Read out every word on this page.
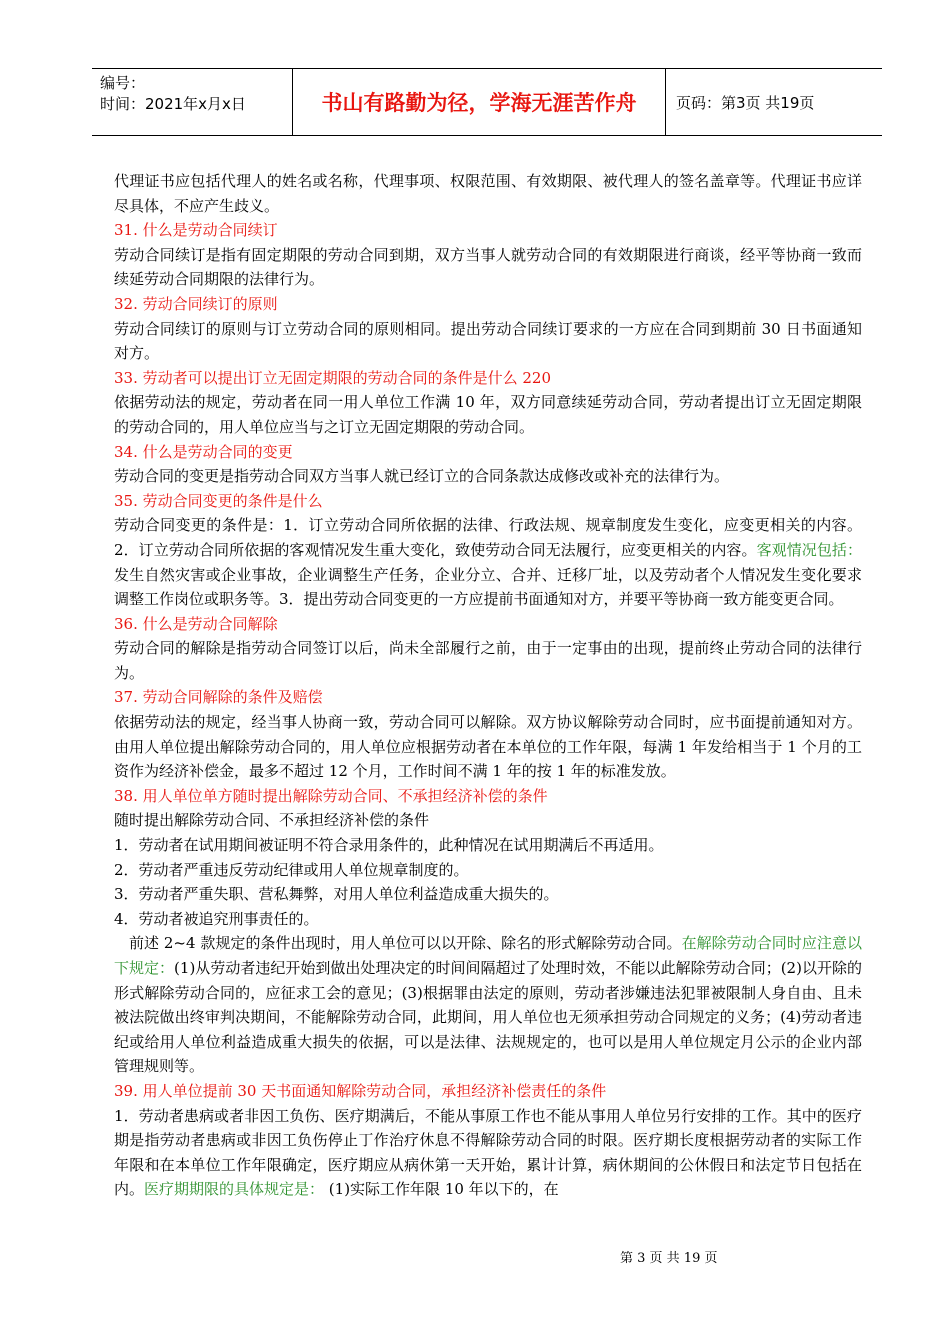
编号：
时间：2021年x月x日	书山有路勤为径，学海无涯苦作舟	页码：第3页 共19页

代理证书应包括代理人的姓名或名称，代理事项、权限范围、有效期限、被代理人的签名盖章等。代理证书应详尽具体，不应产生歧义。

31. 什么是劳动合同续订

劳动合同续订是指有固定期限的劳动合同到期，双方当事人就劳动合同的有效期限进行商谈，经平等协商一致而续延劳动合同期限的法律行为。

32. 劳动合同续订的原则

劳动合同续订的原则与订立劳动合同的原则相同。提出劳动合同续订要求的一方应在合同到期前 30 日书面通知对方。

33. 劳动者可以提出订立无固定期限的劳动合同的条件是什么 220

依据劳动法的规定，劳动者在同一用人单位工作满 10 年，双方同意续延劳动合同，劳动者提出订立无固定期限的劳动合同的，用人单位应当与之订立无固定期限的劳动合同。

34. 什么是劳动合同的变更

劳动合同的变更是指劳动合同双方当事人就已经订立的合同条款达成修改或补充的法律行为。

35. 劳动合同变更的条件是什么

劳动合同变更的条件是：1．订立劳动合同所依据的法律、行政法规、规章制度发生变化，应变更相关的内容。2．订立劳动合同所依据的客观情况发生重大变化，致使劳动合同无法履行，应变更相关的内容。客观情况包括：发生自然灾害或企业事故，企业调整生产任务，企业分立、合并、迁移厂址，以及劳动者个人情况发生变化要求调整工作岗位或职务等。3．提出劳动合同变更的一方应提前书面通知对方，并要平等协商一致方能变更合同。

36. 什么是劳动合同解除

劳动合同的解除是指劳动合同签订以后，尚未全部履行之前，由于一定事由的出现，提前终止劳动合同的法律行为。

37. 劳动合同解除的条件及赔偿

依据劳动法的规定，经当事人协商一致，劳动合同可以解除。双方协议解除劳动合同时，应书面提前通知对方。由用人单位提出解除劳动合同的，用人单位应根据劳动者在本单位的工作年限，每满 1 年发给相当于 1 个月的工资作为经济补偿金，最多不超过 12 个月，工作时间不满 1 年的按 1 年的标准发放。

38. 用人单位单方随时提出解除劳动合同、不承担经济补偿的条件

随时提出解除劳动合同、不承担经济补偿的条件

1．劳动者在试用期间被证明不符合录用条件的，此种情况在试用期满后不再适用。

2．劳动者严重违反劳动纪律或用人单位规章制度的。

3．劳动者严重失职、营私舞弊，对用人单位利益造成重大损失的。

4．劳动者被追究刑事责任的。

前述 2~4 款规定的条件出现时，用人单位可以以开除、除名的形式解除劳动合同。在解除劳动合同时应注意以下规定：(1)从劳动者违纪开始到做出处理决定的时间间隔超过了处理时效，不能以此解除劳动合同；(2)以开除的形式解除劳动合同的，应征求工会的意见；(3)根据罪由法定的原则，劳动者涉嫌违法犯罪被限制人身自由、且未被法院做出终审判决期间，不能解除劳动合同，此期间，用人单位也无须承担劳动合同规定的义务；(4)劳动者违纪或给用人单位利益造成重大损失的依据，可以是法律、法规规定的，也可以是用人单位规定月公示的企业内部管理规则等。

39. 用人单位提前 30 天书面通知解除劳动合同，承担经济补偿责任的条件

1．劳动者患病或者非因工负伤、医疗期满后，不能从事原工作也不能从事用人单位另行安排的工作。其中的医疗期是指劳动者患病或非因工负伤停止丁作治疗休息不得解除劳动合同的时限。医疗期长度根据劳动者的实际工作年限和在本单位工作年限确定，医疗期应从病休第一天开始，累计计算，病休期间的公休假日和法定节日包括在内。医疗期期限的具体规定是： (1)实际工作年限 10 年以下的，在

第 3 页 共 19 页
